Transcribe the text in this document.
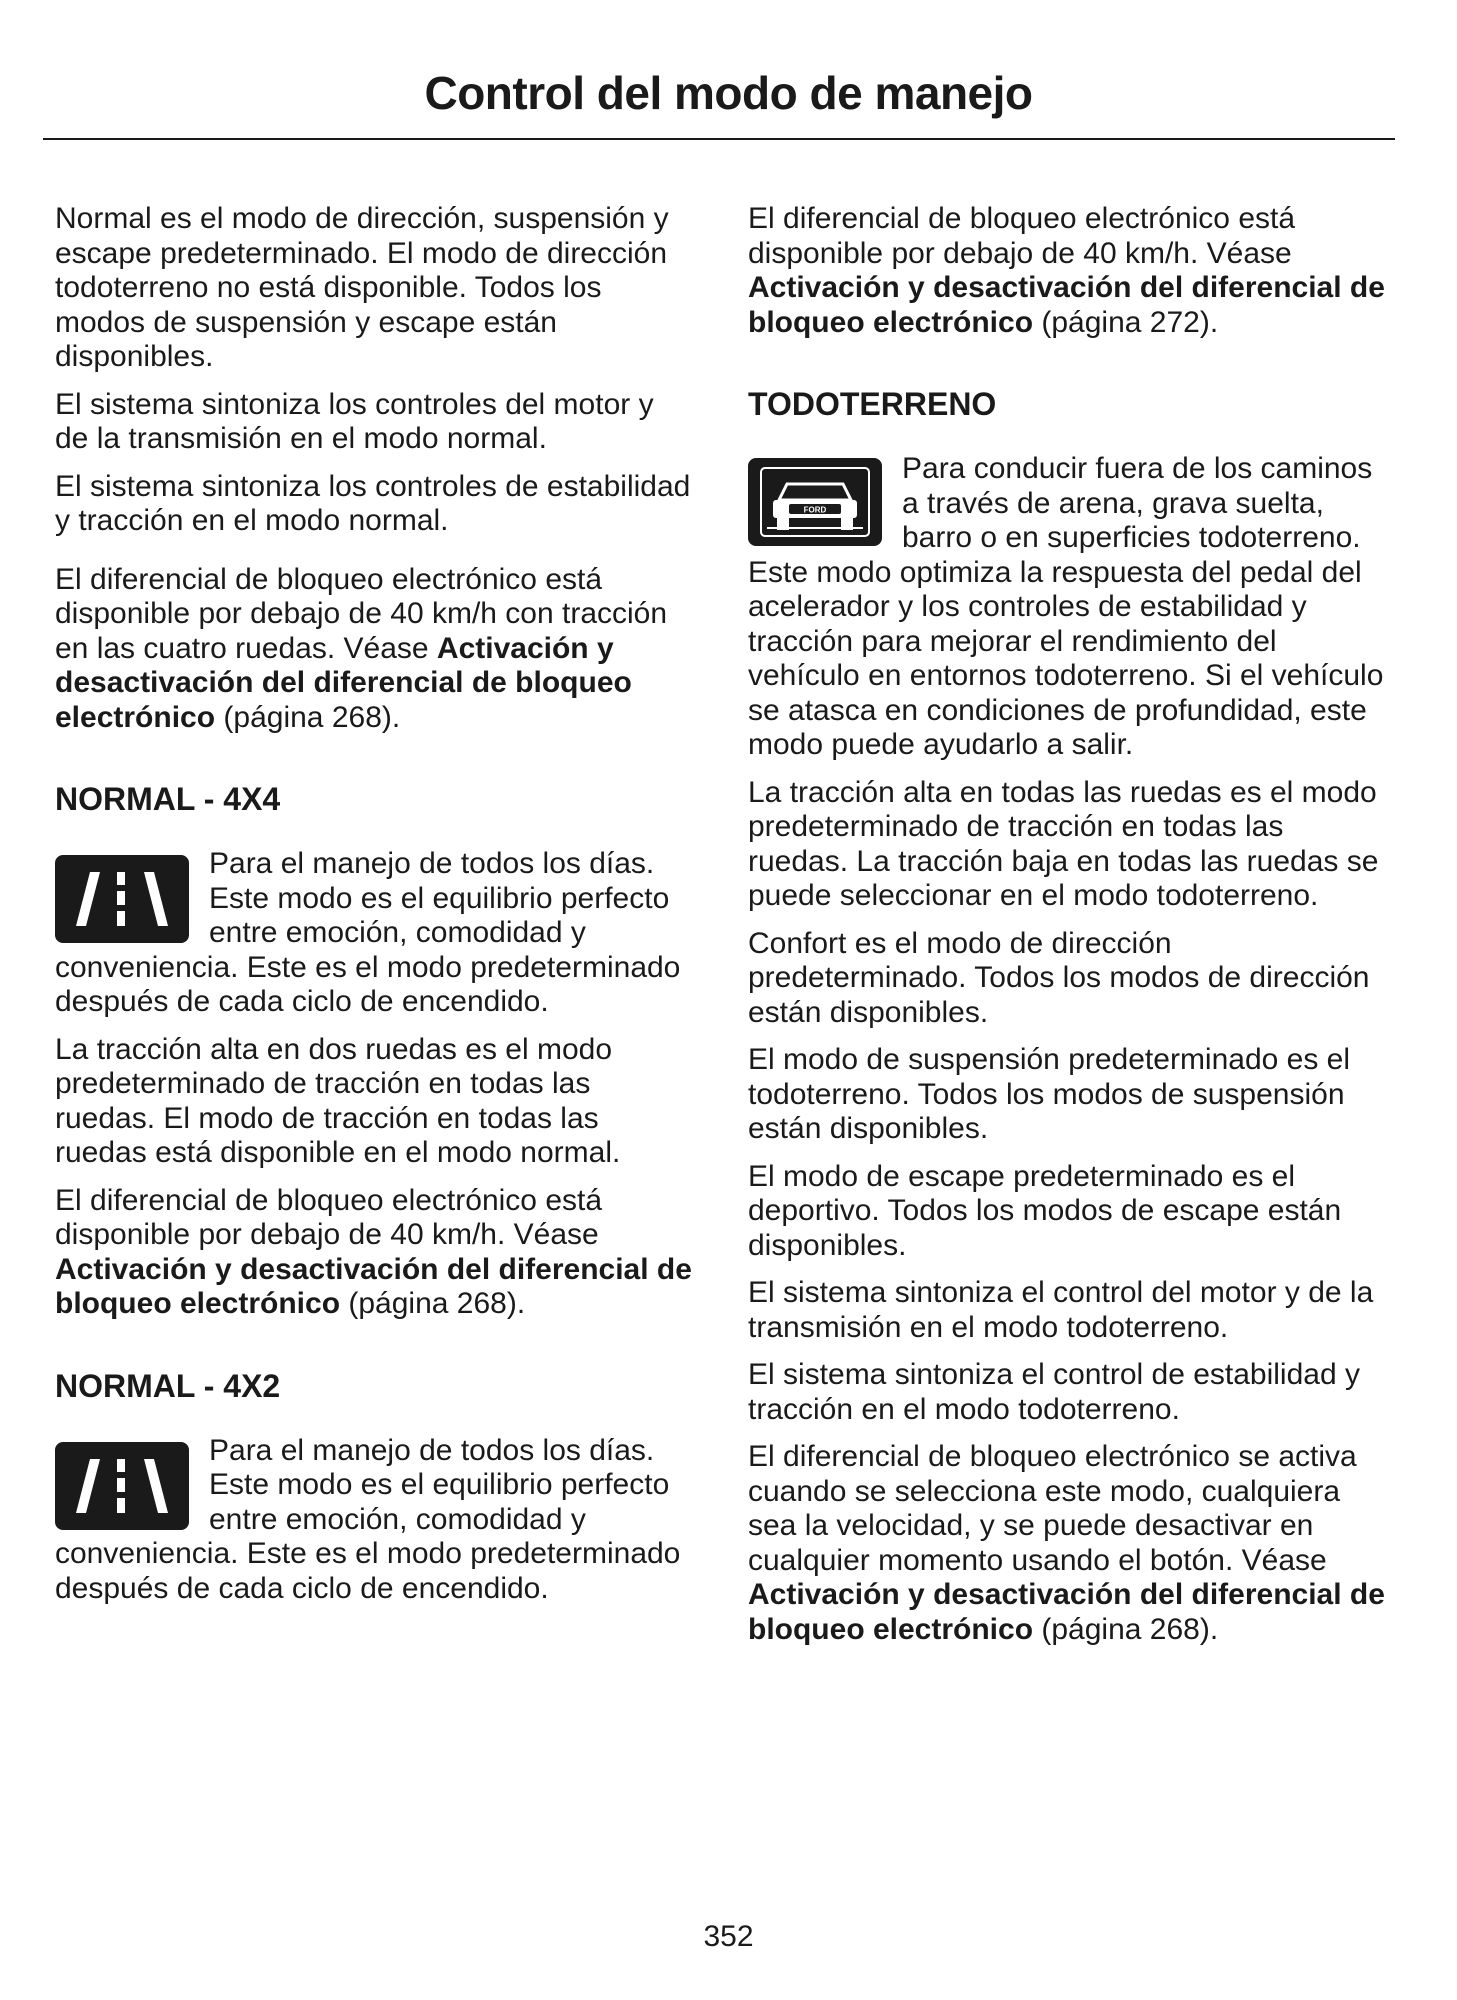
Control del modo de manejo

Normal es el modo de dirección, suspensión y escape predeterminado. El modo de dirección todoterreno no está disponible. Todos los modos de suspensión y escape están disponibles.

El sistema sintoniza los controles del motor y de la transmisión en el modo normal.

El sistema sintoniza los controles de estabilidad y tracción en el modo normal.

El diferencial de bloqueo electrónico está disponible por debajo de 40 km/h con tracción en las cuatro ruedas. Véase Activación y desactivación del diferencial de bloqueo electrónico (página 268).

NORMAL - 4X4
Para el manejo de todos los días. Este modo es el equilibrio perfecto entre emoción, comodidad y conveniencia. Este es el modo predeterminado después de cada ciclo de encendido.

La tracción alta en dos ruedas es el modo predeterminado de tracción en todas las ruedas. El modo de tracción en todas las ruedas está disponible en el modo normal.

El diferencial de bloqueo electrónico está disponible por debajo de 40 km/h. Véase Activación y desactivación del diferencial de bloqueo electrónico (página 268).

NORMAL - 4X2
Para el manejo de todos los días. Este modo es el equilibrio perfecto entre emoción, comodidad y conveniencia. Este es el modo predeterminado después de cada ciclo de encendido.

El diferencial de bloqueo electrónico está disponible por debajo de 40 km/h. Véase Activación y desactivación del diferencial de bloqueo electrónico (página 272).

TODOTERRENO
FORD
Para conducir fuera de los caminos a través de arena, grava suelta, barro o en superficies todoterreno. Este modo optimiza la respuesta del pedal del acelerador y los controles de estabilidad y tracción para mejorar el rendimiento del vehículo en entornos todoterreno. Si el vehículo se atasca en condiciones de profundidad, este modo puede ayudarlo a salir.

La tracción alta en todas las ruedas es el modo predeterminado de tracción en todas las ruedas. La tracción baja en todas las ruedas se puede seleccionar en el modo todoterreno.

Confort es el modo de dirección predeterminado. Todos los modos de dirección están disponibles.

El modo de suspensión predeterminado es el todoterreno. Todos los modos de suspensión están disponibles.

El modo de escape predeterminado es el deportivo. Todos los modos de escape están disponibles.

El sistema sintoniza el control del motor y de la transmisión en el modo todoterreno.

El sistema sintoniza el control de estabilidad y tracción en el modo todoterreno.

El diferencial de bloqueo electrónico se activa cuando se selecciona este modo, cualquiera sea la velocidad, y se puede desactivar en cualquier momento usando el botón. Véase Activación y desactivación del diferencial de bloqueo electrónico (página 268).

352
